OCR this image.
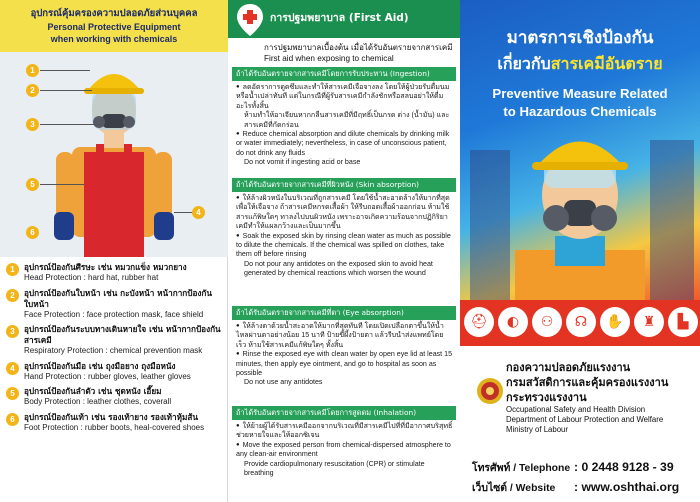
อุปกรณ์คุ้มครองความปลอดภัยส่วนบุคคล
Personal Protective Equipment
when working with chemicals
1
2
3
5
6
4
1	อุปกรณ์ป้องกันศีรษะ เช่น หมวกแข็ง หมวกยาง
Head Protection : hard hat, rubber hat
2	อุปกรณ์ป้องกันใบหน้า เช่น กะบังหน้า หน้ากากป้องกันใบหน้า
Face Protection : face protection mask, face shield
3	อุปกรณ์ป้องกันระบบทางเดินหายใจ เช่น หน้ากากป้องกันสารเคมี
Respiratory Protection : chemical prevention mask
4	อุปกรณ์ป้องกันมือ เช่น ถุงมือยาง ถุงมือหนัง
Hand Protection : rubber gloves, leather gloves
5	อุปกรณ์ป้องกันลำตัว เช่น ชุดหนัง เอี๊ยม
Body Protection : leather clothes, coverall
6	อุปกรณ์ป้องกันเท้า เช่น รองเท้ายาง รองเท้าหุ้มส้น
Foot Protection : rubber boots, heal-covered shoes
การปฐมพยาบาล (First Aid)
การปฐมพยาบาลเบื้องต้น เมื่อได้รับอันตรายจากสารเคมี
First aid when exposing to chemical
ถ้าได้รับอันตรายจากสารเคมีโดยการรับประทาน (Ingestion)

● ลดอัตราการดูดซึมและทำให้สารเคมีเจือจางลง โดยให้ผู้ป่วยรับดื่มนมหรือน้ำเปล่าทันที แต่ในกรณีที่ผู้รับสารเคมีกำลังชักหรือสลบอย่าให้ดื่มอะไรทั้งสิ้น

ห้ามทำให้อาเจียนหากกลืนสารเคมีที่มีฤทธิ์เป็นกรด ด่าง (น้ำมัน) และสารเคมีที่กัดกร่อน

● Reduce chemical absorption and dilute chemicals by drinking milk or water immediately; nevertheless, in case of unconscious patient, do not drink any fluids

Do not vomit if ingesting acid or base

ถ้าได้รับอันตรายจากสารเคมีที่ผิวหนัง (Skin absorption)

● ให้ล้างผิวหนังในบริเวณที่ถูกสารเคมี โดยใช้น้ำสะอาดล้างให้มากที่สุด เพื่อให้เจือจาง ถ้าสารเคมีหกรดเสื้อผ้า ให้รีบถอดเสื้อผ้าออกก่อน ห้ามใช้สารแก้พิษใดๆ ทาลงไปบนผิวหนัง เพราะอาจเกิดความร้อนจากปฏิกิริยาเคมีทำให้แผลกว้างและเป็นมากขึ้น

● Soak the exposed skin by rinsing clean water as much as possible to dilute the chemicals. If the chemical was spilled on clothes, take them off before rinsing

Do not pour any antidotes on the exposed skin to avoid heat generated by chemical reactions which worsen the wound

ถ้าได้รับอันตรายจากสารเคมีที่ตา (Eye absorption)

● ให้ล้างตาด้วยน้ำสะอาดให้มากที่สุดทันที โดยเปิดเปลือกตาขึ้นให้น้ำไหลผ่านตาอย่างน้อย 15 นาที ป้ายขี้ผึ้งป้ายตา แล้วรีบนำส่งแพทย์โดยเร็ว ห้ามใช้สารเคมีแก้พิษใดๆ ทั้งสิ้น

● Rinse the exposed eye with clean water by open eye lid at least 15 minutes, then apply eye ointment, and go to hospital as soon as possible

Do not use any antidotes

ถ้าได้รับอันตรายจากสารเคมีโดยการสูดดม (Inhalation)

● ให้ย้ายผู้ได้รับสารเคมีออกจากบริเวณที่มีสารเคมีไปที่ที่มีอากาศบริสุทธิ์ ช่วยหายใจและให้ออกซิเจน

● Move the exposed person from chemical-dispersed atmosphere to any clean-air environment

Provide cardiopulmonary resuscitation (CPR) or stimulate breathing

มาตรการเชิงป้องกัน
เกี่ยวกับสารเคมีอันตราย
Preventive Measure Related
to Hazardous Chemicals
⛑	◐	⚇	☊	✋	♜	▙
กองความปลอดภัยแรงงาน
กรมสวัสดิการและคุ้มครองแรงงาน
กระทรวงแรงงาน
Occupational Safety and Health Division
Department of Labour Protection and Welfare
Ministry of Labour
โทรศัพท์ / Telephone : 0 2448 9128 - 39
เว็บไซต์ / Website : www.oshthai.org
